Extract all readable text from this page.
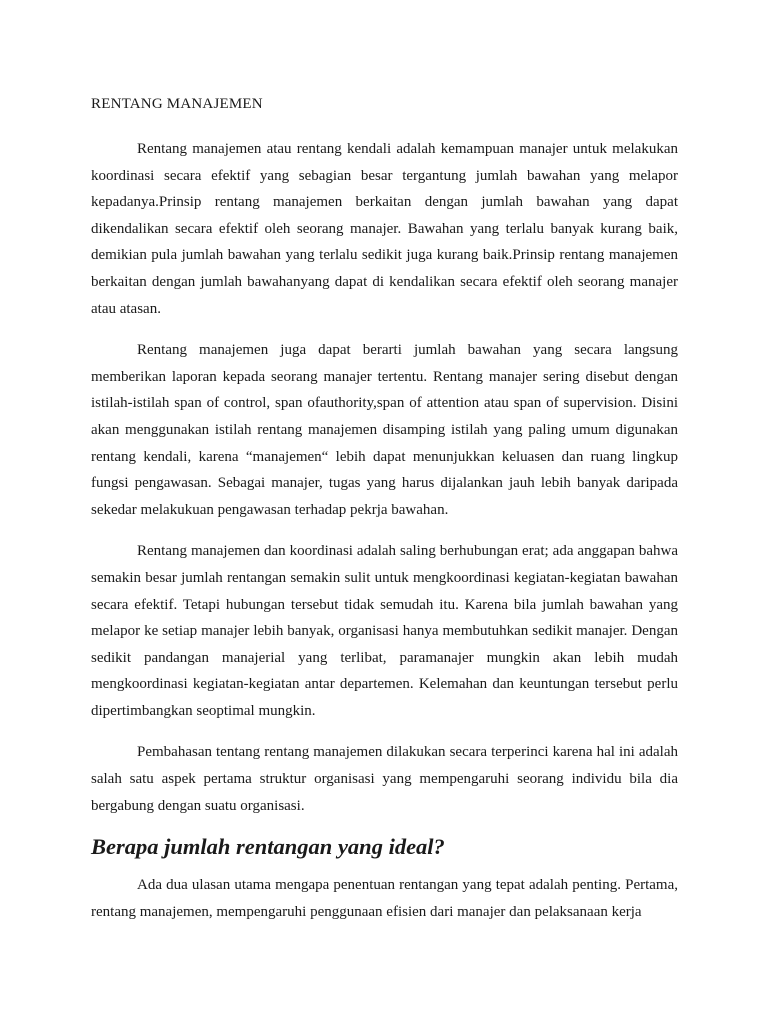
RENTANG MANAJEMEN

Rentang manajemen atau rentang kendali adalah kemampuan manajer untuk melakukan koordinasi secara efektif yang sebagian besar tergantung jumlah bawahan yang melapor kepadanya.Prinsip rentang manajemen berkaitan dengan jumlah bawahan yang dapat dikendalikan secara efektif oleh seorang manajer. Bawahan yang terlalu banyak kurang baik, demikian pula jumlah bawahan yang terlalu sedikit juga kurang baik.Prinsip rentang manajemen berkaitan dengan jumlah bawahanyang dapat di kendalikan secara efektif oleh seorang manajer atau atasan.

Rentang manajemen juga dapat berarti jumlah bawahan yang secara langsung memberikan laporan kepada seorang manajer tertentu. Rentang manajer sering disebut dengan istilah-istilah span of control, span ofauthority,span of attention atau span of supervision. Disini akan menggunakan istilah rentang manajemen disamping istilah yang paling umum digunakan rentang kendali, karena “manajemen“ lebih dapat menunjukkan keluasen dan ruang lingkup fungsi pengawasan. Sebagai manajer, tugas yang harus dijalankan jauh lebih banyak daripada sekedar melakukuan pengawasan terhadap pekrja bawahan.

Rentang manajemen dan koordinasi adalah saling berhubungan erat; ada anggapan bahwa semakin besar jumlah rentangan semakin sulit untuk mengkoordinasi kegiatan-kegiatan bawahan secara efektif. Tetapi hubungan tersebut tidak semudah itu. Karena bila jumlah bawahan yang melapor ke setiap manajer lebih banyak, organisasi hanya membutuhkan sedikit manajer. Dengan sedikit pandangan manajerial yang terlibat, paramanajer mungkin akan lebih mudah mengkoordinasi kegiatan-kegiatan antar departemen. Kelemahan dan keuntungan tersebut perlu dipertimbangkan seoptimal mungkin.

Pembahasan tentang rentang manajemen dilakukan secara terperinci karena hal ini adalah salah satu aspek pertama struktur organisasi yang mempengaruhi seorang individu bila dia bergabung dengan suatu organisasi.

Berapa jumlah rentangan yang ideal?

Ada dua ulasan utama mengapa penentuan rentangan yang tepat adalah penting. Pertama, rentang manajemen, mempengaruhi penggunaan efisien dari manajer dan pelaksanaan kerja
